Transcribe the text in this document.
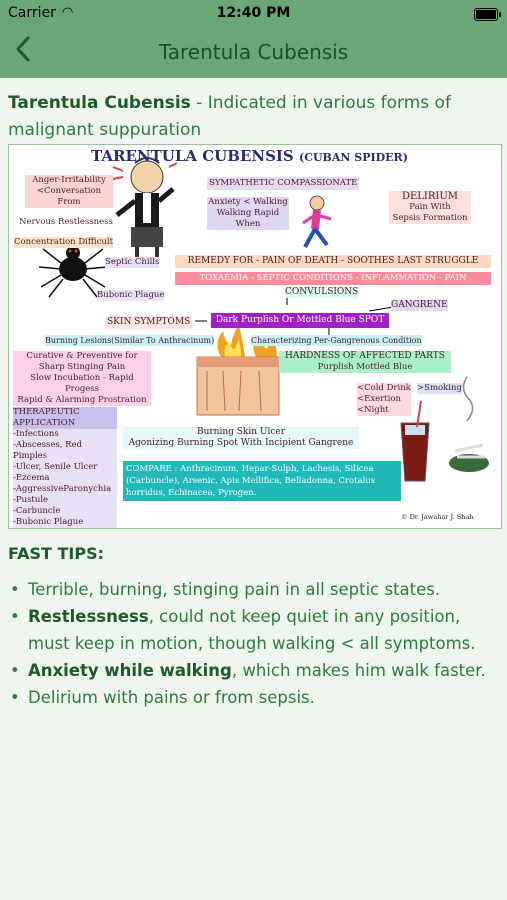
Carrier ◠	12:40 PM
Tarentula Cubensis
Tarentula Cubensis - Indicated in various forms of malignant suppuration
TARENTULA CUBENSIS (CUBAN SPIDER)
Anger-Irritability
<Conversation From
Nervous Restlessness
Concentration Difficult
SYMPATHETIC COMPASSIONATE
Anxiety < Walking
Walking Rapid When
DELIRIUM
Pain With
Sepsis Formation
Septic Chills	REMEDY FOR - PAIN OF DEATH - SOOTHES LAST STRUGGLE
TOXAEMIA - SEPTIC CONDITIONS - INFLAMMATION - PAIN
Bubonic Plague	CONVULSIONS
GANGRENE
SKIN SYMPTOMS	Dark Purplish Or Mottled Blue SPOT
Burning Lesions(Similar To Anthracinum)	Characterizing Per-Gangrenous Condition
Curative & Preventive for
Sharp Stinging Pain
Slow Incubation - Rapid Progess
Rapid & Alarming Prostration
HARDNESS OF AFFECTED PARTS
Purplish Mottled Blue
<Cold Drink
<Exertion
<Night
>Smoking
THERAPEUTIC APPLICATION
-Infections
-Abscesses, Red Pimples
-Ulcer, Senile Ulcer
-Ezcema
-AggressiveParonychia
-Pustule
-Carbuncle
-Bubonic Plague
Burning Skin Ulcer
Agonizing Burning Spot With Incipient Gangrene
COMPARE : Anthracinum, Hepar-Sulph, Lachesis, Silicea (Carbuncle), Arsenic, Apis Mellifica, Belladonna, Crotalus horridus, Echinacea, Pyrogen.
© Dr. Jawahar J. Shah
FAST TIPS:
• Terrible, burning, stinging pain in all septic states.
• Restlessness, could not keep quiet in any position, must keep in motion, though walking < all symptoms.
• Anxiety while walking, which makes him walk faster.
• Delirium with pains or from sepsis.
